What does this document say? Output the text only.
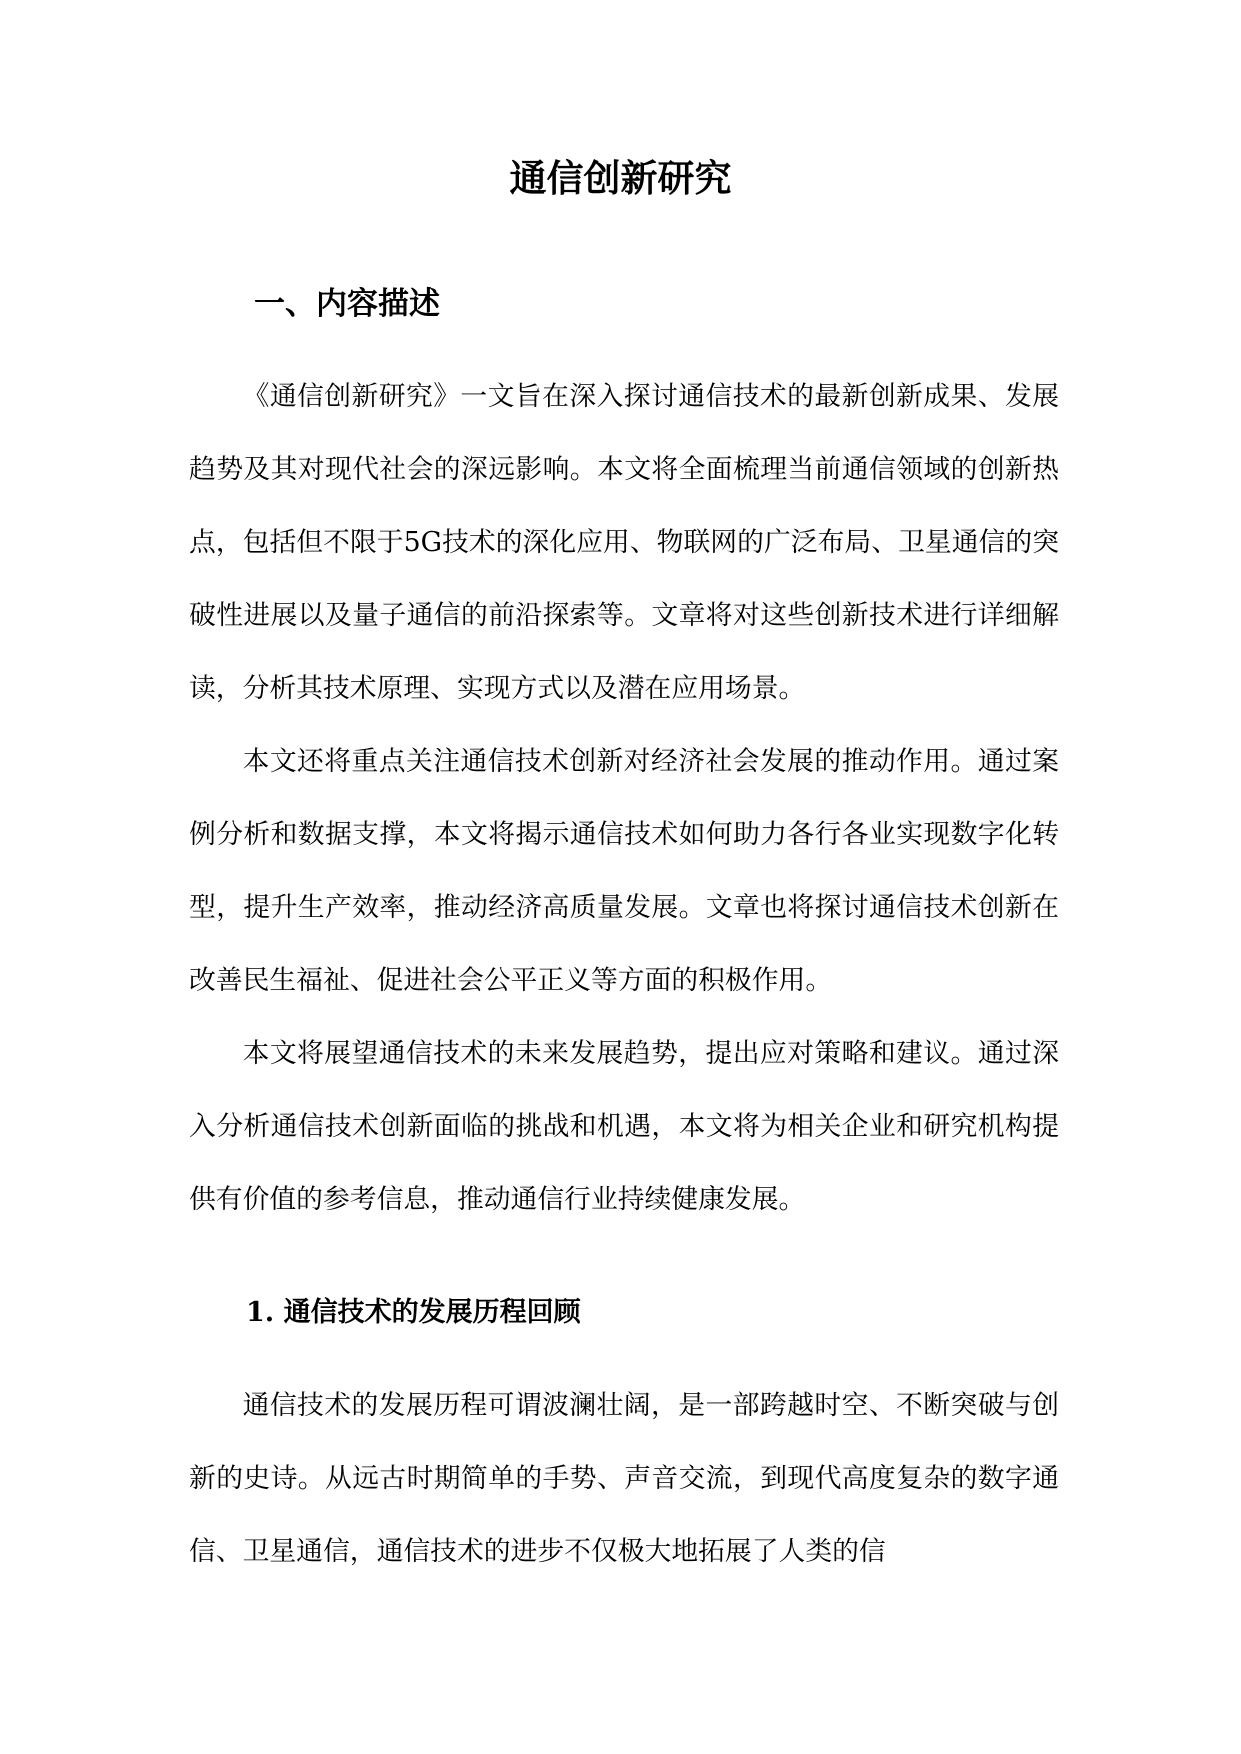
通信创新研究
一、内容描述

《通信创新研究》一文旨在深入探讨通信技术的最新创新成果、发展趋势及其对现代社会的深远影响。本文将全面梳理当前通信领域的创新热点，包括但不限于5G技术的深化应用、物联网的广泛布局、卫星通信的突破性进展以及量子通信的前沿探索等。文章将对这些创新技术进行详细解读，分析其技术原理、实现方式以及潜在应用场景。

本文还将重点关注通信技术创新对经济社会发展的推动作用。通过案例分析和数据支撑，本文将揭示通信技术如何助力各行各业实现数字化转型，提升生产效率，推动经济高质量发展。文章也将探讨通信技术创新在改善民生福祉、促进社会公平正义等方面的积极作用。

本文将展望通信技术的未来发展趋势，提出应对策略和建议。通过深入分析通信技术创新面临的挑战和机遇，本文将为相关企业和研究机构提供有价值的参考信息，推动通信行业持续健康发展。

1. 通信技术的发展历程回顾

通信技术的发展历程可谓波澜壮阔，是一部跨越时空、不断突破与创新的史诗。从远古时期简单的手势、声音交流，到现代高度复杂的数字通信、卫星通信，通信技术的进步不仅极大地拓展了人类的信
